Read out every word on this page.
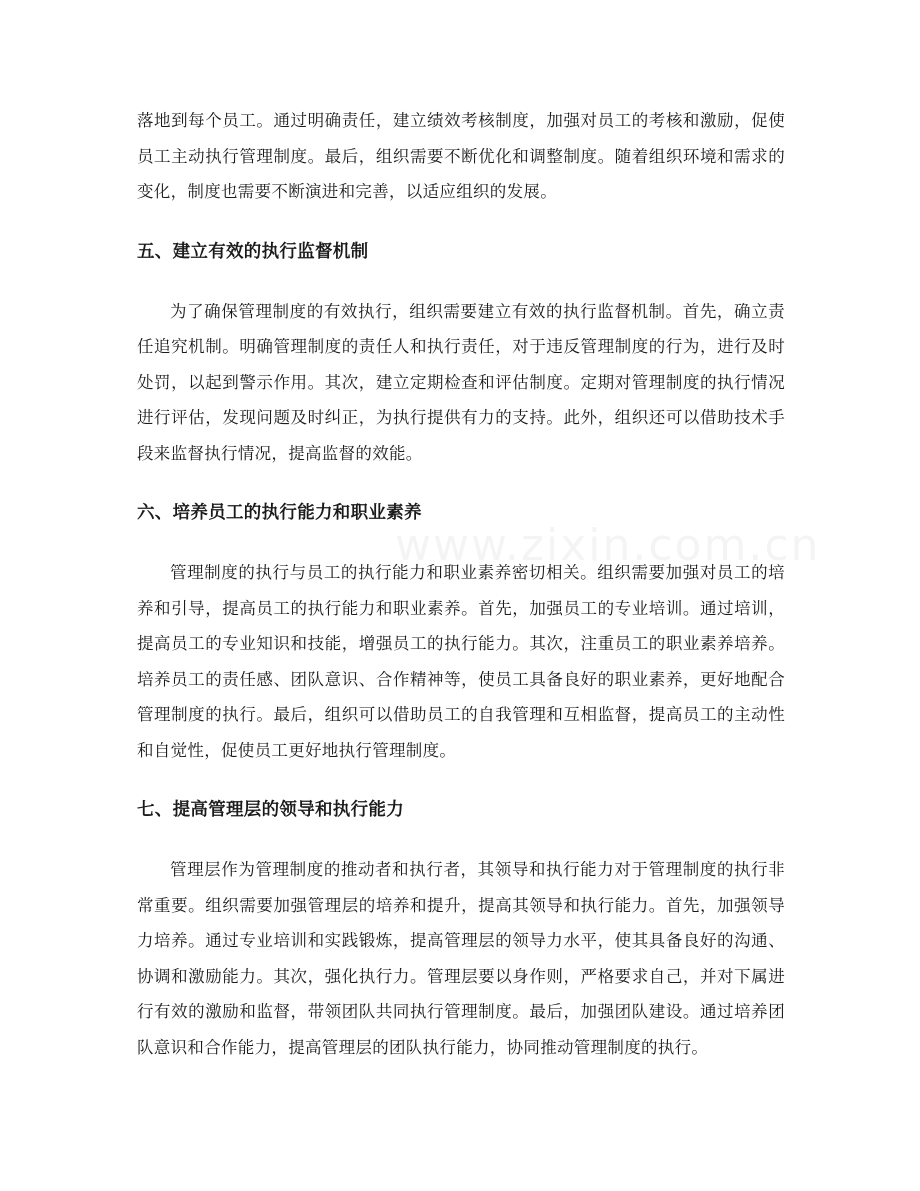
落地到每个员工。通过明确责任，建立绩效考核制度，加强对员工的考核和激励，促使员工主动执行管理制度。最后，组织需要不断优化和调整制度。随着组织环境和需求的变化，制度也需要不断演进和完善，以适应组织的发展。

五、建立有效的执行监督机制

为了确保管理制度的有效执行，组织需要建立有效的执行监督机制。首先，确立责任追究机制。明确管理制度的责任人和执行责任，对于违反管理制度的行为，进行及时处罚，以起到警示作用。其次，建立定期检查和评估制度。定期对管理制度的执行情况进行评估，发现问题及时纠正，为执行提供有力的支持。此外，组织还可以借助技术手段来监督执行情况，提高监督的效能。

六、培养员工的执行能力和职业素养

管理制度的执行与员工的执行能力和职业素养密切相关。组织需要加强对员工的培养和引导，提高员工的执行能力和职业素养。首先，加强员工的专业培训。通过培训，提高员工的专业知识和技能，增强员工的执行能力。其次，注重员工的职业素养培养。培养员工的责任感、团队意识、合作精神等，使员工具备良好的职业素养，更好地配合管理制度的执行。最后，组织可以借助员工的自我管理和互相监督，提高员工的主动性和自觉性，促使员工更好地执行管理制度。

七、提高管理层的领导和执行能力

管理层作为管理制度的推动者和执行者，其领导和执行能力对于管理制度的执行非常重要。组织需要加强管理层的培养和提升，提高其领导和执行能力。首先，加强领导力培养。通过专业培训和实践锻炼，提高管理层的领导力水平，使其具备良好的沟通、协调和激励能力。其次，强化执行力。管理层要以身作则，严格要求自己，并对下属进行有效的激励和监督，带领团队共同执行管理制度。最后，加强团队建设。通过培养团队意识和合作能力，提高管理层的团队执行能力，协同推动管理制度的执行。
